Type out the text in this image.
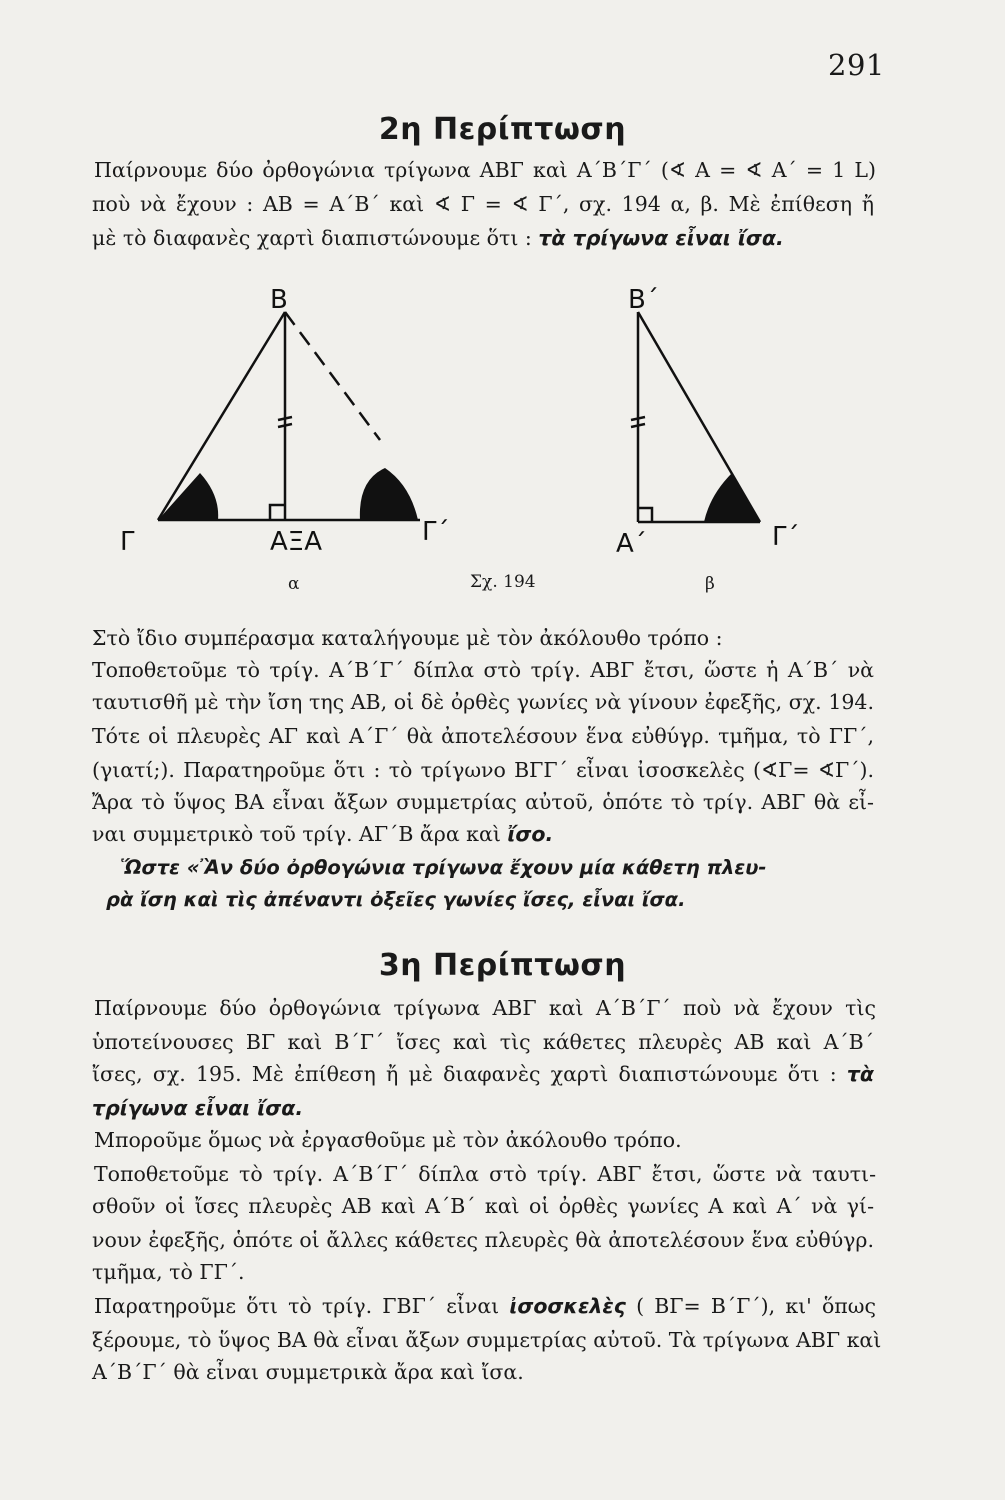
291
2η Περίπτωση
Παίρνουμε δύο ὀρθογώνια τρίγωνα ΑΒΓ καὶ Α΄Β΄Γ΄ (∢ Α = ∢ Α΄ = 1 L)
ποὺ νὰ ἔχουν : ΑΒ = Α΄Β΄ καὶ ∢ Γ = ∢ Γ΄, σχ. 194 α, β. Μὲ ἐπίθεση ἤ
μὲ τὸ διαφανὲς χαρτὶ διαπιστώνουμε ὅτι : τὰ τρίγωνα εἶναι ἴσα.
Β
Γ	ΑΞΑ	Γ΄
Β΄
Α΄	Γ΄
α	Σχ. 194	β
Στὸ ἴδιο συμπέρασμα καταλήγουμε μὲ τὸν ἀκόλουθο τρόπο :
Τοποθετοῦμε τὸ τρίγ. Α΄Β΄Γ΄ δίπλα στὸ τρίγ. ΑΒΓ ἔτσι, ὥστε ἡ Α΄Β΄ νὰ
ταυτισθῆ μὲ τὴν ἴση της ΑΒ, οἱ δὲ ὀρθὲς γωνίες νὰ γίνουν ἐφεξῆς, σχ. 194.
Τότε οἱ πλευρὲς ΑΓ καὶ Α΄Γ΄ θὰ ἀποτελέσουν ἕνα εὐθύγρ. τμῆμα, τὸ ΓΓ΄,
(γιατί;). Παρατηροῦμε ὅτι : τὸ τρίγωνο ΒΓΓ΄ εἶναι ἰσοσκελὲς (∢Γ= ∢Γ΄).
Ἄρα τὸ ὕψος ΒΑ εἶναι ἄξων συμμετρίας αὐτοῦ, ὁπότε τὸ τρίγ. ΑΒΓ θὰ εἶ-
ναι συμμετρικὸ τοῦ τρίγ. ΑΓ΄Β ἄρα καὶ ἴσο.
Ὥστε «Ἂν δύο ὀρθογώνια τρίγωνα ἔχουν μία κάθετη πλευ-
ρὰ ἴση καὶ τὶς ἀπέναντι ὀξεῖες γωνίες ἴσες, εἶναι ἴσα.
3η Περίπτωση
Παίρνουμε δύο ὀρθογώνια τρίγωνα ΑΒΓ καὶ Α΄Β΄Γ΄ ποὺ νὰ ἔχουν τὶς
ὑποτείνουσες ΒΓ καὶ Β΄Γ΄ ἴσες καὶ τὶς κάθετες πλευρὲς ΑΒ καὶ Α΄Β΄
ἴσες, σχ. 195. Μὲ ἐπίθεση ἤ μὲ διαφανὲς χαρτὶ διαπιστώνουμε ὅτι : τὰ
τρίγωνα εἶναι ἴσα.
Μποροῦμε ὅμως νὰ ἐργασθοῦμε μὲ τὸν ἀκόλουθο τρόπο.
Τοποθετοῦμε τὸ τρίγ. Α΄Β΄Γ΄ δίπλα στὸ τρίγ. ΑΒΓ ἔτσι, ὥστε νὰ ταυτι-
σθοῦν οἱ ἴσες πλευρὲς ΑΒ καὶ Α΄Β΄ καὶ οἱ ὀρθὲς γωνίες Α καὶ Α΄ νὰ γί-
νουν ἐφεξῆς, ὁπότε οἱ ἄλλες κάθετες πλευρὲς θὰ ἀποτελέσουν ἕνα εὐθύγρ.
τμῆμα, τὸ ΓΓ΄.
Παρατηροῦμε ὅτι τὸ τρίγ. ΓΒΓ΄ εἶναι ἰσοσκελὲς ( ΒΓ= Β΄Γ΄), κι' ὅπως
ξέρουμε, τὸ ὕψος ΒΑ θὰ εἶναι ἄξων συμμετρίας αὐτοῦ. Τὰ τρίγωνα ΑΒΓ καὶ
Α΄Β΄Γ΄ θὰ εἶναι συμμετρικὰ ἄρα καὶ ἴσα.
